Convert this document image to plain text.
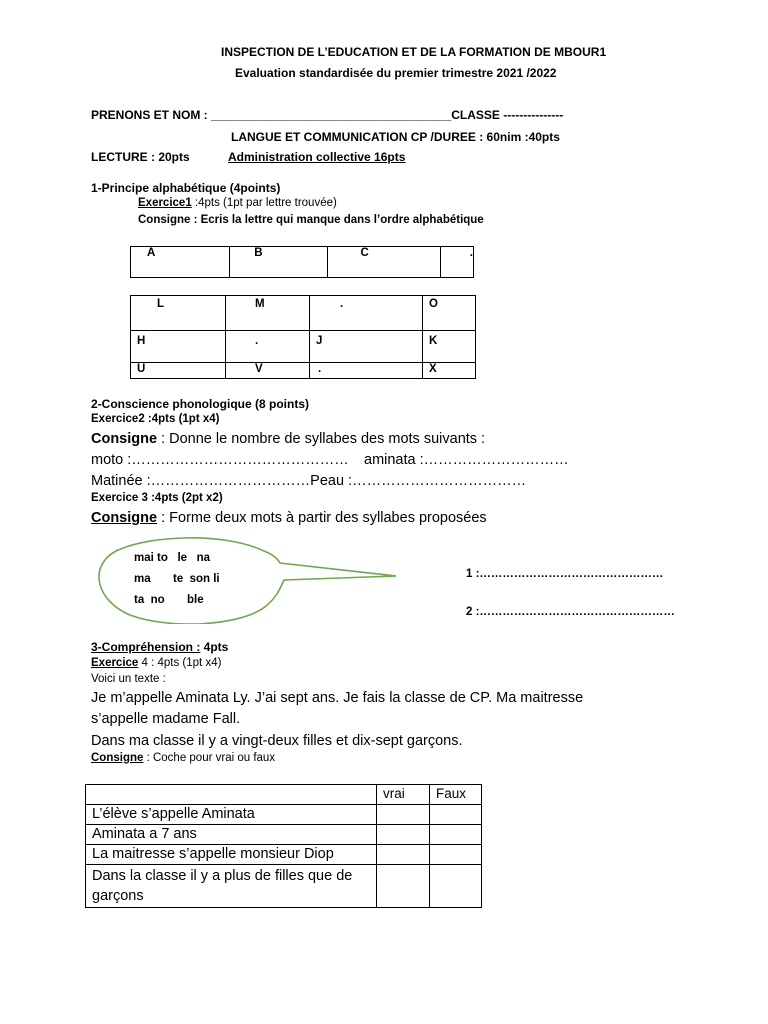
INSPECTION DE L’EDUCATION ET DE LA FORMATION DE MBOUR1
Evaluation standardisée du premier trimestre 2021 /2022
PRENONS ET NOM : ____________________________________CLASSE ---------------
LANGUE ET COMMUNICATION CP /DUREE : 60nim :40pts
LECTURE : 20pts	Administration collective 16pts
1-Principe alphabétique (4points)
Exercice1 :4pts (1pt par lettre trouvée)
Consigne : Ecris la lettre qui manque dans l’ordre alphabétique
A	B	C	.
L	M	.	O
H	.	J	K
U	V	.	X
2-Conscience phonologique (8 points)
Exercice2 :4pts (1pt x4)
Consigne : Donne le nombre de syllabes des mots suivants :
moto :……………………………………… aminata :…………………………
Matinée :……………………………Peau :………………………………
Exercice 3 :4pts (2pt x2)
Consigne : Forme deux mots à partir des syllabes proposées
mai to   le   na
ma       te  son li
ta  no       ble
1 :…………………………………………
2 :……………………………………………
3-Compréhension : 4pts
Exercice 4 : 4pts (1pt x4)
Voici un texte :
Je m’appelle Aminata Ly. J’ai sept ans. Je fais la classe de CP. Ma maitresse
s’appelle madame Fall.
Dans ma classe il y a vingt-deux filles et dix-sept garçons.
Consigne : Coche pour vrai ou faux
	vrai	Faux
L’élève s’appelle Aminata		
Aminata a 7 ans		
La maitresse s’appelle monsieur Diop		
Dans la classe il y a plus de filles que de garçons		
